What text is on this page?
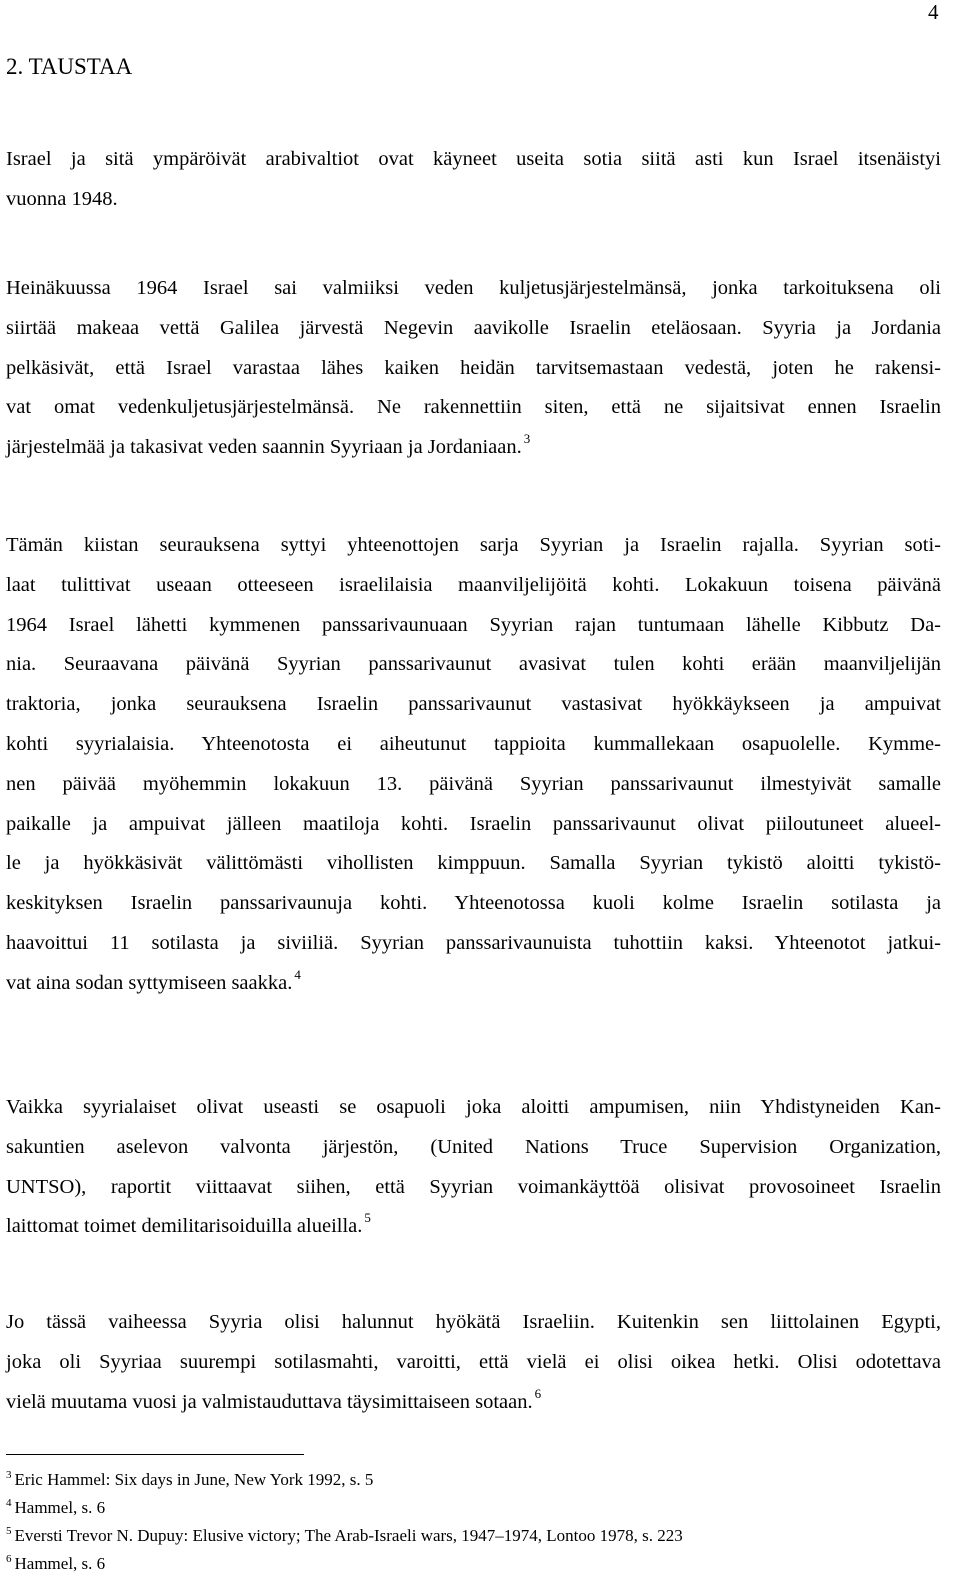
4
2. TAUSTAA
Israel ja sitä ympäröivät arabivaltiot ovat käyneet useita sotia siitä asti kun Israel itsenäistyi
vuonna 1948.
Heinäkuussa 1964 Israel sai valmiiksi veden kuljetusjärjestelmänsä, jonka tarkoituksena oli
siirtää makeaa vettä Galilea järvestä Negevin aavikolle Israelin eteläosaan. Syyria ja Jordania
pelkäsivät, että Israel varastaa lähes kaiken heidän tarvitsemastaan vedestä, joten he rakensi-
vat omat vedenkuljetusjärjestelmänsä. Ne rakennettiin siten, että ne sijaitsivat ennen Israelin
järjestelmää ja takasivat veden saannin Syyriaan ja Jordaniaan. $^3$
Tämän kiistan seurauksena syttyi yhteenottojen sarja Syyrian ja Israelin rajalla. Syyrian soti-
laat tulittivat useaan otteeseen israelilaisia maanviljelijöitä kohti. Lokakuun toisena päivänä
1964 Israel lähetti kymmenen panssarivaunuaan Syyrian rajan tuntumaan lähelle Kibbutz Da-
nia. Seuraavana päivänä Syyrian panssarivaunut avasivat tulen kohti erään maanviljelijän
traktoria, jonka seurauksena Israelin panssarivaunut vastasivat hyökkäykseen ja ampuivat
kohti syyrialaisia. Yhteenotosta ei aiheutunut tappioita kummallekaan osapuolelle. Kymme-
nen päivää myöhemmin lokakuun 13. päivänä Syyrian panssarivaunut ilmestyivät samalle
paikalle ja ampuivat jälleen maatiloja kohti. Israelin panssarivaunut olivat piiloutuneet alueel-
le ja hyökkäsivät välittömästi vihollisten kimppuun. Samalla Syyrian tykistö aloitti tykistö-
keskityksen Israelin panssarivaunuja kohti. Yhteenotossa kuoli kolme Israelin sotilasta ja
haavoittui 11 sotilasta ja siviiliä. Syyrian panssarivaunuista tuhottiin kaksi. Yhteenotot jatkui-
vat aina sodan syttymiseen saakka. $^4$
Vaikka syyrialaiset olivat useasti se osapuoli joka aloitti ampumisen, niin Yhdistyneiden Kan-
sakuntien aselevon valvonta järjestön, (United Nations Truce Supervision Organization,
UNTSO), raportit viittaavat siihen, että Syyrian voimankäyttöä olisivat provosoineet Israelin
laittomat toimet demilitarisoiduilla alueilla. $^5$
Jo tässä vaiheessa Syyria olisi halunnut hyökätä Israeliin. Kuitenkin sen liittolainen Egypti,
joka oli Syyriaa suurempi sotilasmahti, varoitti, että vielä ei olisi oikea hetki. Olisi odotettava
vielä muutama vuosi ja valmistauduttava täysimittaiseen sotaan. $^6$
$^3$ Eric Hammel: Six days in June, New York 1992, s. 5
$^4$ Hammel, s. 6
$^5$ Eversti Trevor N. Dupuy: Elusive victory; The Arab-Israeli wars, 1947–1974, Lontoo 1978, s. 223
$^6$ Hammel, s. 6
